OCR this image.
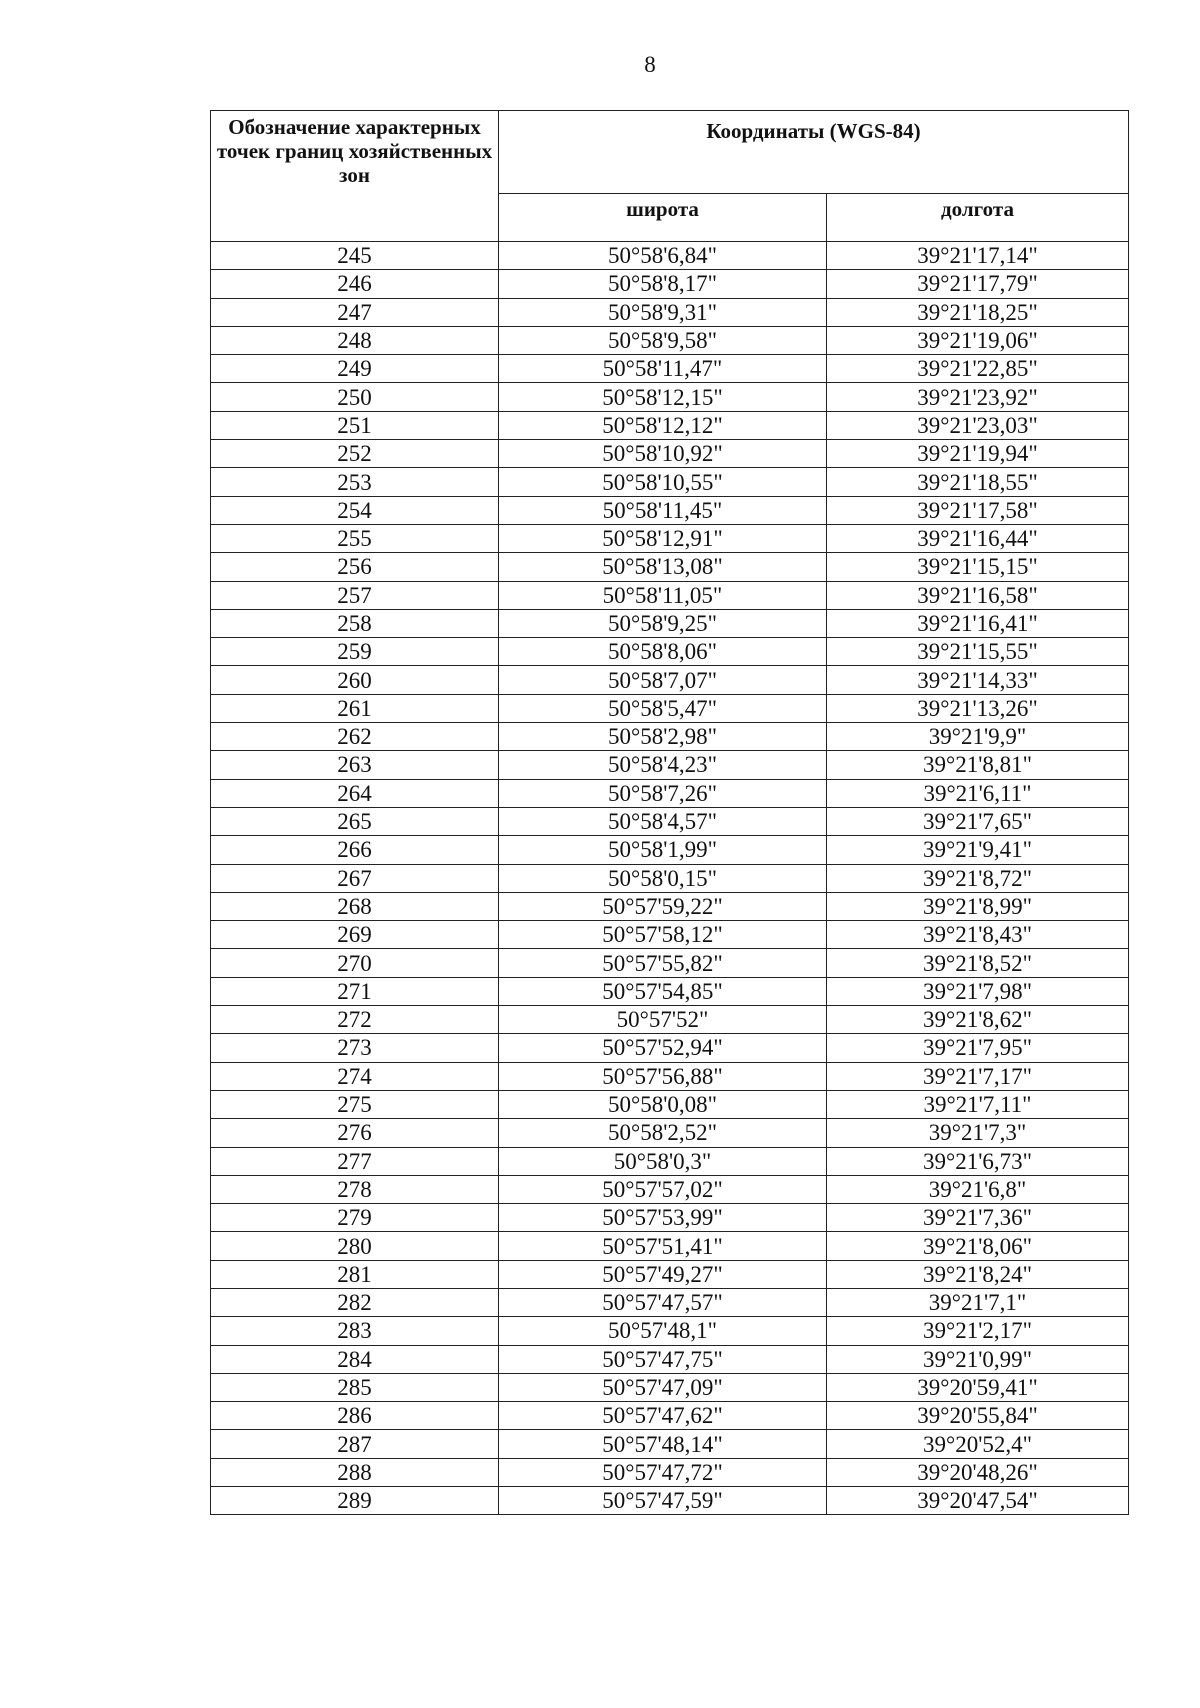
8
Обозначение характерных точек границ хозяйственных зон	Координаты (WGS-84)	
	широта	долгота
245	50°58'6,84"	39°21'17,14"
246	50°58'8,17"	39°21'17,79"
247	50°58'9,31"	39°21'18,25"
248	50°58'9,58"	39°21'19,06"
249	50°58'11,47"	39°21'22,85"
250	50°58'12,15"	39°21'23,92"
251	50°58'12,12"	39°21'23,03"
252	50°58'10,92"	39°21'19,94"
253	50°58'10,55"	39°21'18,55"
254	50°58'11,45"	39°21'17,58"
255	50°58'12,91"	39°21'16,44"
256	50°58'13,08"	39°21'15,15"
257	50°58'11,05"	39°21'16,58"
258	50°58'9,25"	39°21'16,41"
259	50°58'8,06"	39°21'15,55"
260	50°58'7,07"	39°21'14,33"
261	50°58'5,47"	39°21'13,26"
262	50°58'2,98"	39°21'9,9"
263	50°58'4,23"	39°21'8,81"
264	50°58'7,26"	39°21'6,11"
265	50°58'4,57"	39°21'7,65"
266	50°58'1,99"	39°21'9,41"
267	50°58'0,15"	39°21'8,72"
268	50°57'59,22"	39°21'8,99"
269	50°57'58,12"	39°21'8,43"
270	50°57'55,82"	39°21'8,52"
271	50°57'54,85"	39°21'7,98"
272	50°57'52"	39°21'8,62"
273	50°57'52,94"	39°21'7,95"
274	50°57'56,88"	39°21'7,17"
275	50°58'0,08"	39°21'7,11"
276	50°58'2,52"	39°21'7,3"
277	50°58'0,3"	39°21'6,73"
278	50°57'57,02"	39°21'6,8"
279	50°57'53,99"	39°21'7,36"
280	50°57'51,41"	39°21'8,06"
281	50°57'49,27"	39°21'8,24"
282	50°57'47,57"	39°21'7,1"
283	50°57'48,1"	39°21'2,17"
284	50°57'47,75"	39°21'0,99"
285	50°57'47,09"	39°20'59,41"
286	50°57'47,62"	39°20'55,84"
287	50°57'48,14"	39°20'52,4"
288	50°57'47,72"	39°20'48,26"
289	50°57'47,59"	39°20'47,54"
